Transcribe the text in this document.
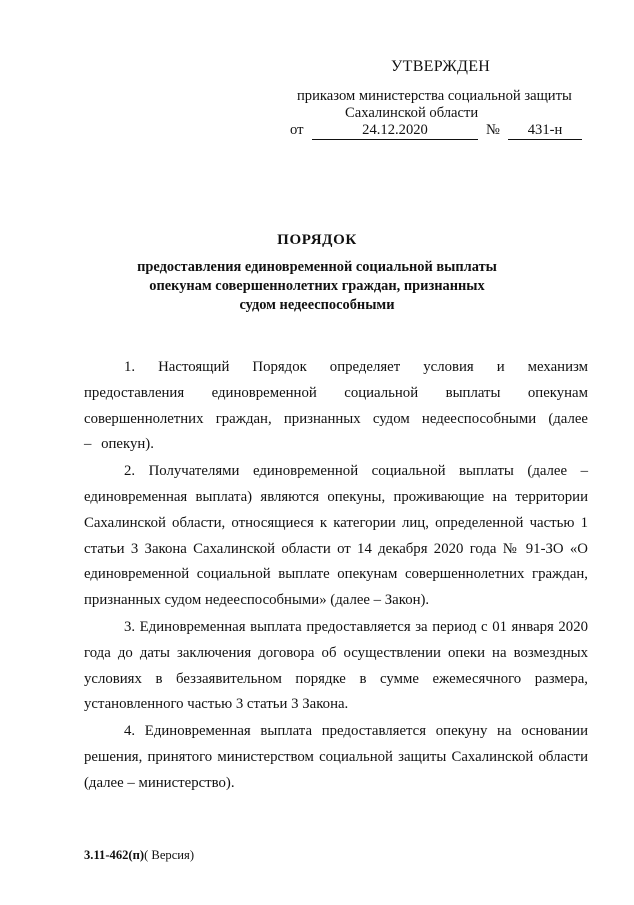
УТВЕРЖДЕН
приказом министерства социальной защиты
Сахалинской области
от	24.12.2020	№	431-н
ПОРЯДОК
предоставления единовременной социальной выплаты
опекунам совершеннолетних граждан, признанных
судом недееспособными

1. Настоящий Порядок определяет условия и механизм предоставления единовременной социальной выплаты опекунам совершеннолетних граждан, признанных судом недееспособными (далее – опекун).

2. Получателями единовременной социальной выплаты (далее – единовременная выплата) являются опекуны, проживающие на территории Сахалинской области, относящиеся к категории лиц, определенной частью 1 статьи 3 Закона Сахалинской области от 14 декабря 2020 года № 91-ЗО «О единовременной социальной выплате опекунам совершеннолетних граждан, признанных судом недееспособными» (далее – Закон).

3. Единовременная выплата предоставляется за период с 01 января 2020 года до даты заключения договора об осуществлении опеки на возмездных условиях в беззаявительном порядке в сумме ежемесячного размера, установленного частью 3 статьи 3 Закона.

4. Единовременная выплата предоставляется опекуну на основании решения, принятого министерством социальной защиты Сахалинской области (далее – министерство).

3.11-462(п)( Версия)
